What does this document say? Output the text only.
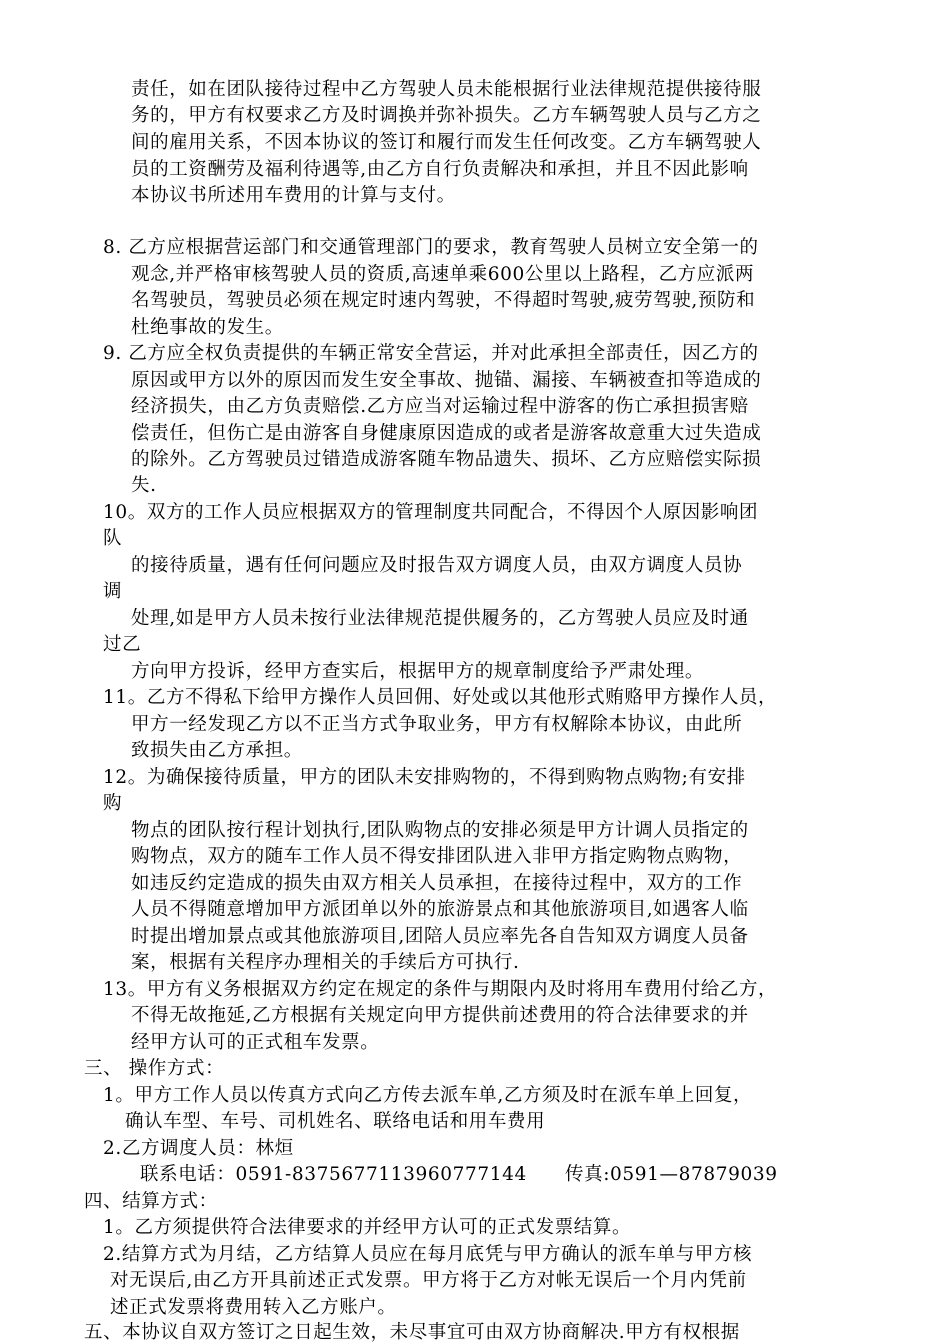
责任，如在团队接待过程中乙方驾驶人员未能根据行业法律规范提供接待服
务的，甲方有权要求乙方及时调换并弥补损失。乙方车辆驾驶人员与乙方之
间的雇用关系，不因本协议的签订和履行而发生任何改变。乙方车辆驾驶人
员的工资酬劳及福利待遇等,由乙方自行负责解决和承担，并且不因此影响
本协议书所述用车费用的计算与支付。
8. 乙方应根据营运部门和交通管理部门的要求，教育驾驶人员树立安全第一的
观念,并严格审核驾驶人员的资质,高速单乘600公里以上路程，乙方应派两
名驾驶员，驾驶员必须在规定时速内驾驶，不得超时驾驶,疲劳驾驶,预防和
杜绝事故的发生。
9. 乙方应全权负责提供的车辆正常安全营运，并对此承担全部责任，因乙方的
原因或甲方以外的原因而发生安全事故、抛锚、漏接、车辆被查扣等造成的
经济损失，由乙方负责赔偿.乙方应当对运输过程中游客的伤亡承担损害赔
偿责任，但伤亡是由游客自身健康原因造成的或者是游客故意重大过失造成
的除外。乙方驾驶员过错造成游客随车物品遗失、损坏、乙方应赔偿实际损
失.
10。双方的工作人员应根据双方的管理制度共同配合，不得因个人原因影响团
队
的接待质量，遇有任何问题应及时报告双方调度人员，由双方调度人员协
调
处理,如是甲方人员未按行业法律规范提供履务的，乙方驾驶人员应及时通
过乙
方向甲方投诉，经甲方查实后，根据甲方的规章制度给予严肃处理。
11。乙方不得私下给甲方操作人员回佣、好处或以其他形式贿赂甲方操作人员，
甲方一经发现乙方以不正当方式争取业务，甲方有权解除本协议，由此所
致损失由乙方承担。
12。为确保接待质量，甲方的团队未安排购物的，不得到购物点购物;有安排
购
物点的团队按行程计划执行,团队购物点的安排必须是甲方计调人员指定的
购物点，双方的随车工作人员不得安排团队进入非甲方指定购物点购物，
如违反约定造成的损失由双方相关人员承担，在接待过程中，双方的工作
人员不得随意增加甲方派团单以外的旅游景点和其他旅游项目,如遇客人临
时提出增加景点或其他旅游项目,团陪人员应率先各自告知双方调度人员备
案，根据有关程序办理相关的手续后方可执行.
13。甲方有义务根据双方约定在规定的条件与期限内及时将用车费用付给乙方，
不得无故拖延,乙方根据有关规定向甲方提供前述费用的符合法律要求的并
经甲方认可的正式租车发票。
三、 操作方式：
1。甲方工作人员以传真方式向乙方传去派车单,乙方须及时在派车单上回复，
确认车型、车号、司机姓名、联络电话和用车费用
2.乙方调度人员：林烜
联系电话：0591-8375677113960777144 传真:0591—87879039
四、结算方式：
1。乙方须提供符合法律要求的并经甲方认可的正式发票结算。
2.结算方式为月结，乙方结算人员应在每月底凭与甲方确认的派车单与甲方核
对无误后,由乙方开具前述正式发票。甲方将于乙方对帐无误后一个月内凭前
述正式发票将费用转入乙方账户。
五、本协议自双方签订之日起生效，未尽事宜可由双方协商解决.甲方有权根据
